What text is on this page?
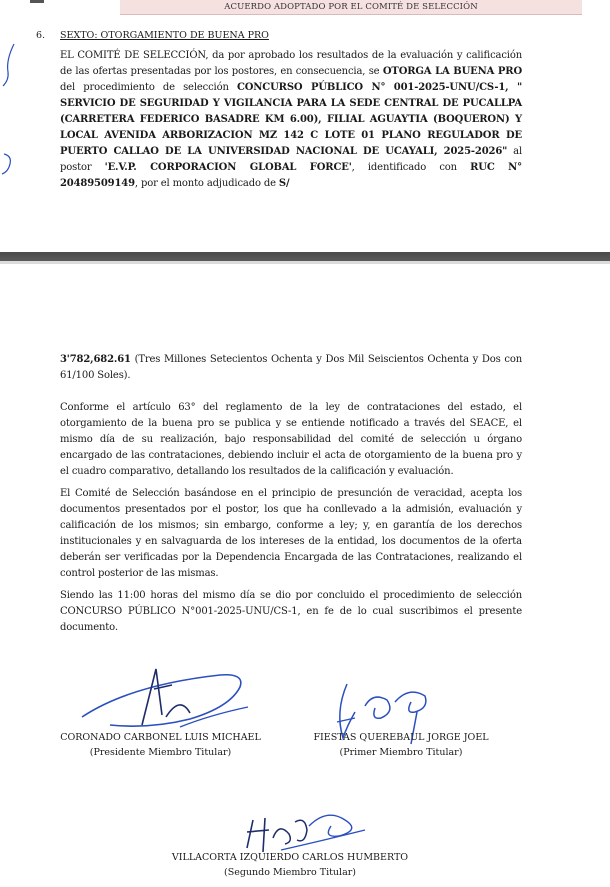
ACUERDO ADOPTADO POR EL COMITÉ DE SELECCIÓN
6. SEXTO: OTORGAMIENTO DE BUENA PRO
EL COMITÉ DE SELECCIÓN, da por aprobado los resultados de la evaluación y calificación de las ofertas presentadas por los postores, en consecuencia, se OTORGA LA BUENA PRO del procedimiento de selección CONCURSO PÚBLICO N° 001-2025-UNU/CS-1, " SERVICIO DE SEGURIDAD Y VIGILANCIA PARA LA SEDE CENTRAL DE PUCALLPA (CARRETERA FEDERICO BASADRE KM 6.00), FILIAL AGUAYTIA (BOQUERON) Y LOCAL AVENIDA ARBORIZACION MZ 142 C LOTE 01 PLANO REGULADOR DE PUERTO CALLAO DE LA UNIVERSIDAD NACIONAL DE UCAYALI, 2025-2026" al postor 'E.V.P. CORPORACION GLOBAL FORCE', identificado con RUC N° 20489509149, por el monto adjudicado de S/
3'782,682.61 (Tres Millones Setecientos Ochenta y Dos Mil Seiscientos Ochenta y Dos con 61/100 Soles).
Conforme el artículo 63° del reglamento de la ley de contrataciones del estado, el otorgamiento de la buena pro se publica y se entiende notificado a través del SEACE, el mismo día de su realización, bajo responsabilidad del comité de selección u órgano encargado de las contrataciones, debiendo incluir el acta de otorgamiento de la buena pro y el cuadro comparativo, detallando los resultados de la calificación y evaluación.
El Comité de Selección basándose en el principio de presunción de veracidad, acepta los documentos presentados por el postor, los que ha conllevado a la admisión, evaluación y calificación de los mismos; sin embargo, conforme a ley; y, en garantía de los derechos institucionales y en salvaguarda de los intereses de la entidad, los documentos de la oferta deberán ser verificadas por la Dependencia Encargada de las Contrataciones, realizando el control posterior de las mismas.
Siendo las 11:00 horas del mismo día se dio por concluido el procedimiento de selección CONCURSO PÚBLICO N°001-2025-UNU/CS-1, en fe de lo cual suscribimos el presente documento.
CORONADO CARBONEL LUIS MICHAEL
(Presidente Miembro Titular)
FIESTAS QUEREBAUL JORGE JOEL
(Primer Miembro Titular)
VILLACORTA IZQUIERDO CARLOS HUMBERTO
(Segundo Miembro Titular)
